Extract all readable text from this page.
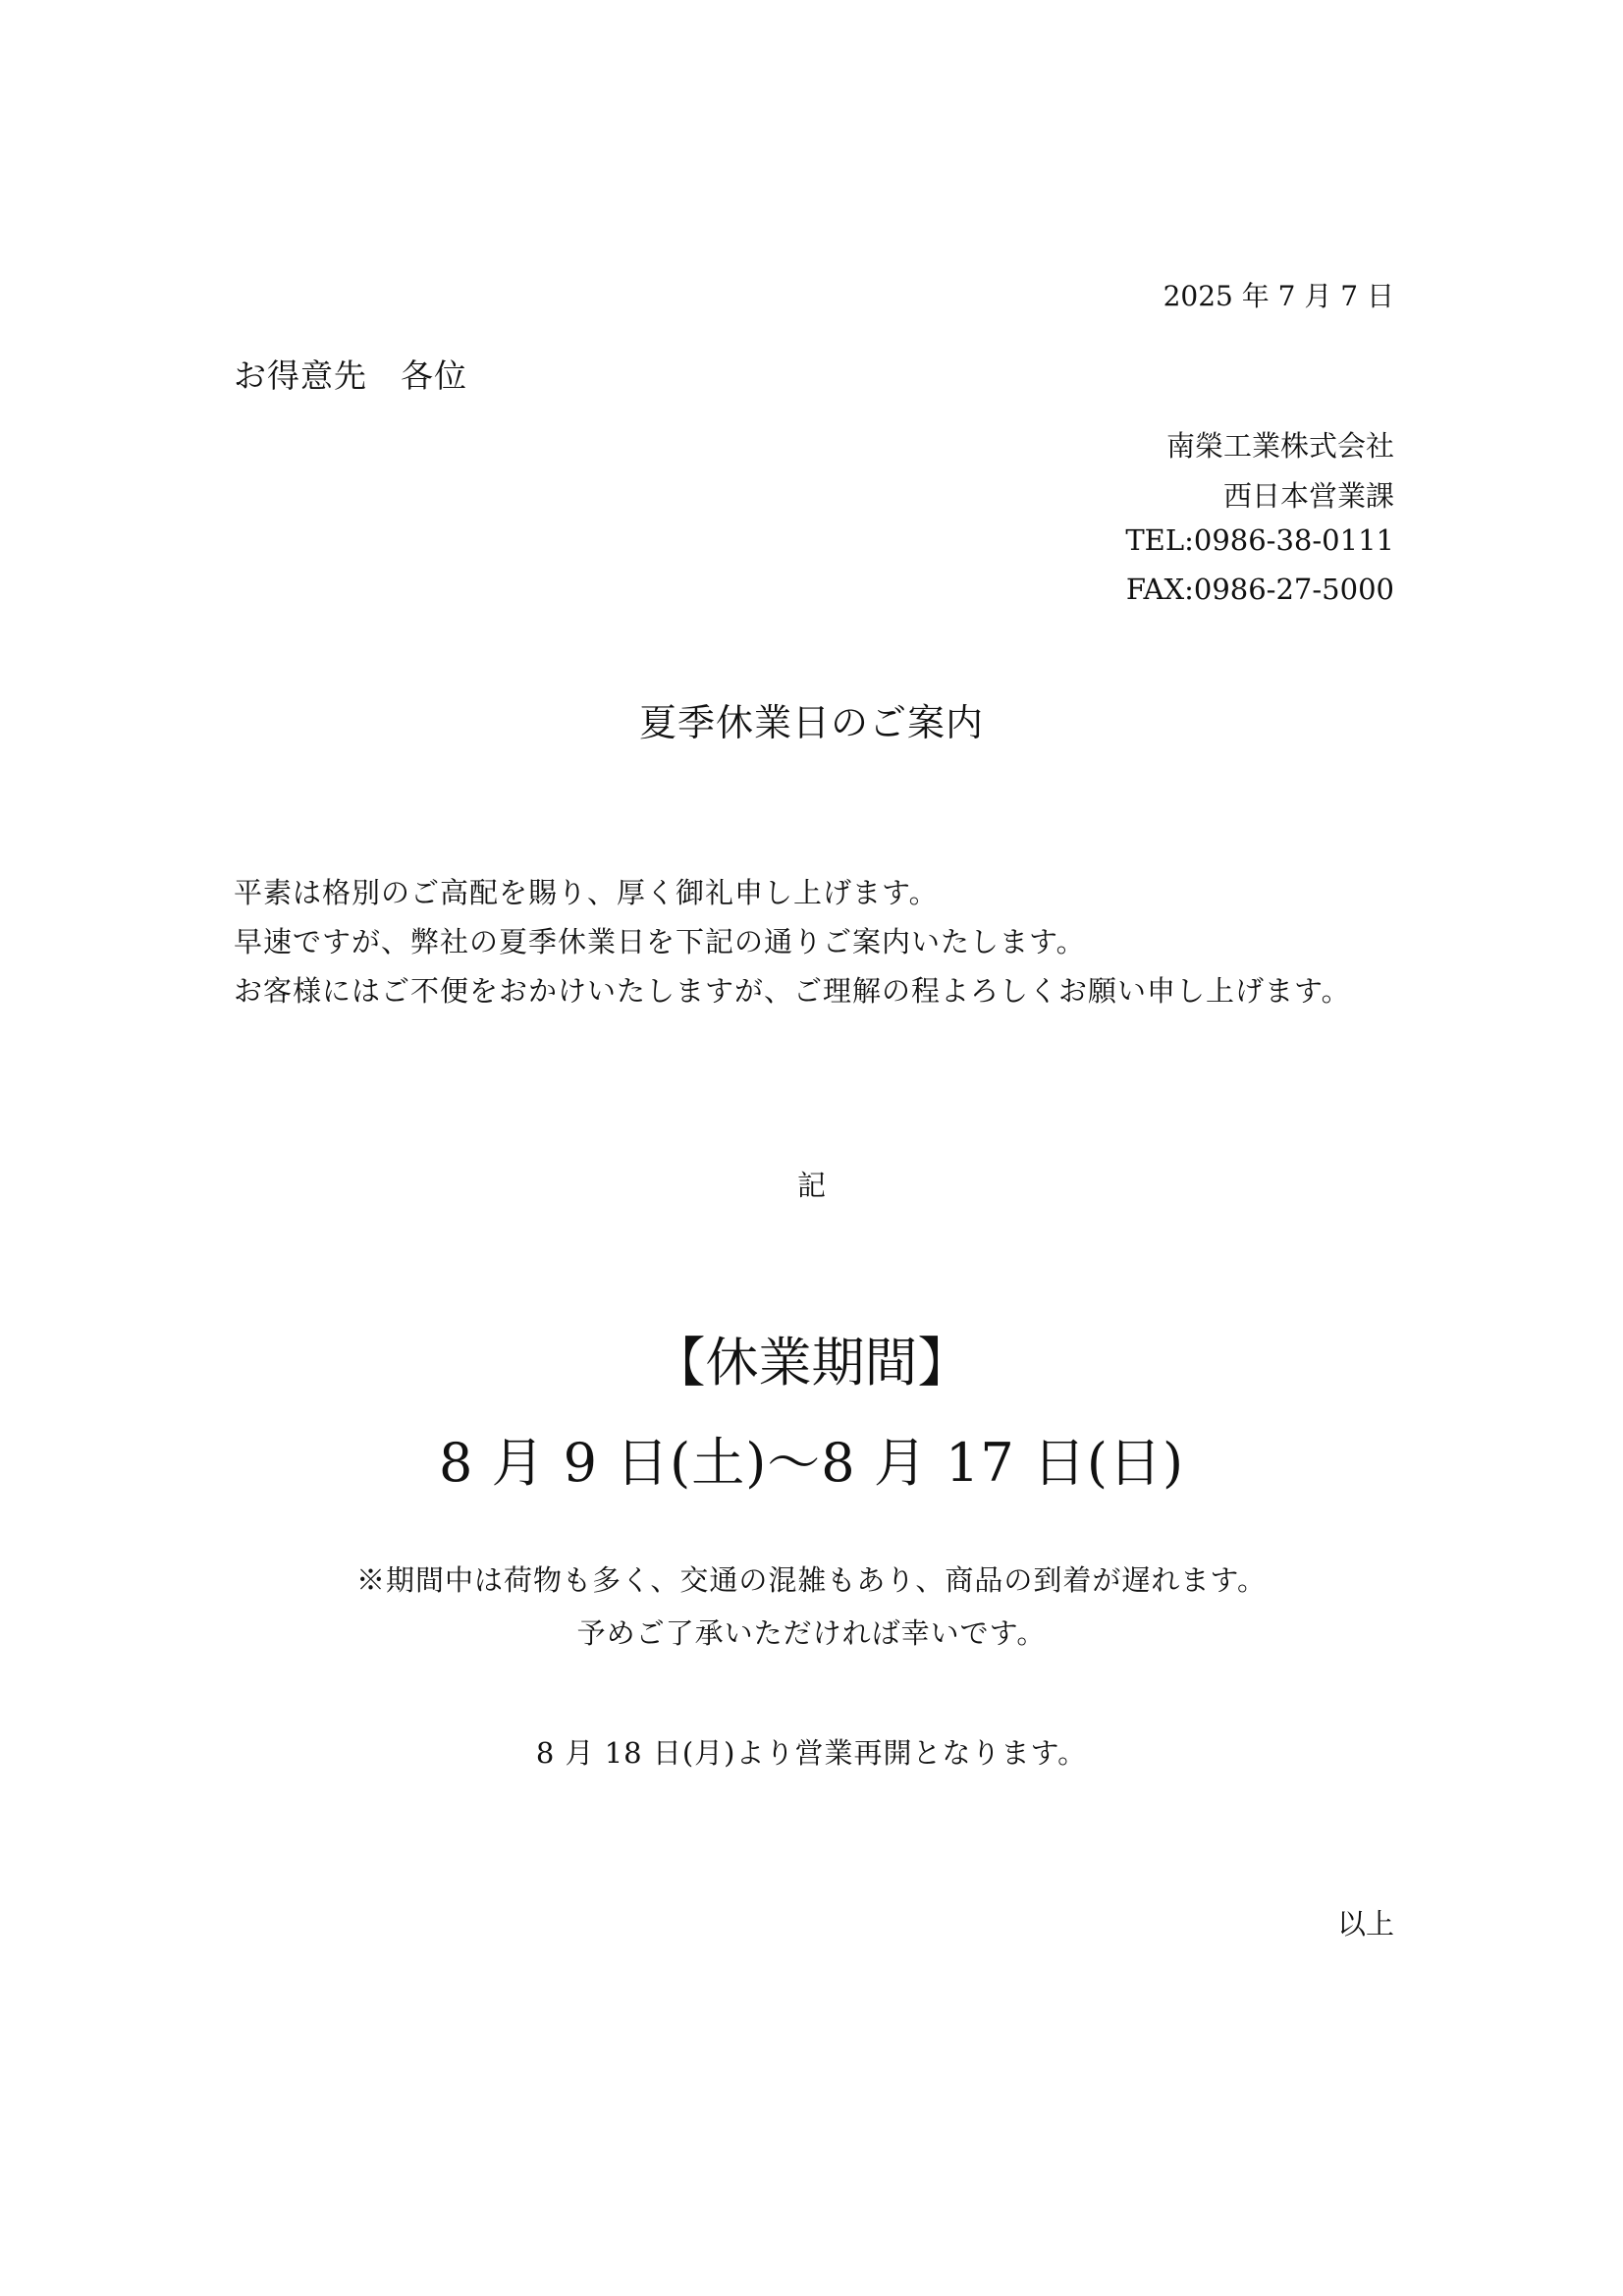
2025 年 7 月 7 日
お得意先　各位
南榮工業株式会社
西日本営業課
TEL:0986-38-0111
FAX:0986-27-5000
夏季休業日のご案内
平素は格別のご高配を賜り、厚く御礼申し上げます。
早速ですが、弊社の夏季休業日を下記の通りご案内いたします。
お客様にはご不便をおかけいたしますが、ご理解の程よろしくお願い申し上げます。
記
【休業期間】
8 月 9 日(土)〜8 月 17 日(日)
※期間中は荷物も多く、交通の混雑もあり、商品の到着が遅れます。
予めご了承いただければ幸いです。
8 月 18 日(月)より営業再開となります。
以上
